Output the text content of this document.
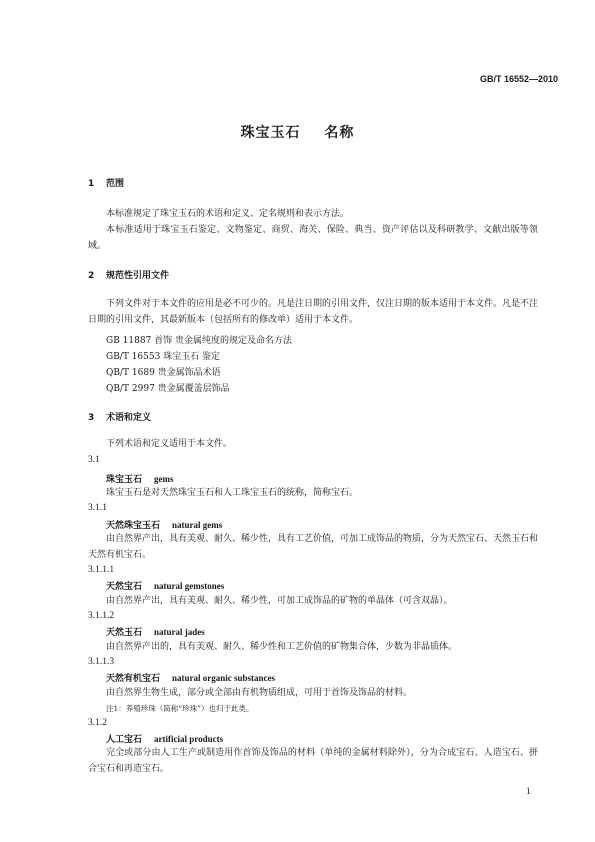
GB/T 16552—2010
珠宝玉石 名称
1 范围
本标准规定了珠宝玉石的术语和定义、定名规则和表示方法。
本标准适用于珠宝玉石鉴定、文物鉴定、商贸、海关、保险、典当、资产评估以及科研教学、文献出版等领域。
2 规范性引用文件
下列文件对于本文件的应用是必不可少的。凡是注日期的引用文件，仅注日期的版本适用于本文件。凡是不注日期的引用文件，其最新版本（包括所有的修改单）适用于本文件。
GB 11887 首饰 贵金属纯度的规定及命名方法
GB/T 16553 珠宝玉石 鉴定
QB/T 1689 贵金属饰品术语
QB/T 2997 贵金属覆盖层饰品
3 术语和定义
下列术语和定义适用于本文件。
3.1
珠宝玉石 gems
珠宝玉石是对天然珠宝玉石和人工珠宝玉石的统称，简称宝石。
3.1.1
天然珠宝玉石 natural gems
由自然界产出，具有美观、耐久、稀少性，具有工艺价值，可加工成饰品的物质，分为天然宝石、天然玉石和天然有机宝石。
3.1.1.1
天然宝石 natural gemstones
由自然界产出，具有美观、耐久、稀少性，可加工成饰品的矿物的单晶体（可含双晶）。
3.1.1.2
天然玉石 natural jades
由自然界产出的，具有美观、耐久、稀少性和工艺价值的矿物集合体，少数为非晶质体。
3.1.1.3
天然有机宝石 natural organic substances
由自然界生物生成，部分或全部由有机物质组成，可用于首饰及饰品的材料。
注1：养殖珍珠（简称“珍珠”）也归于此类。
3.1.2
人工宝石 artificial products
完全或部分由人工生产或制造用作首饰及饰品的材料（单纯的金属材料除外），分为合成宝石、人造宝石、拼合宝石和再造宝石。
1
